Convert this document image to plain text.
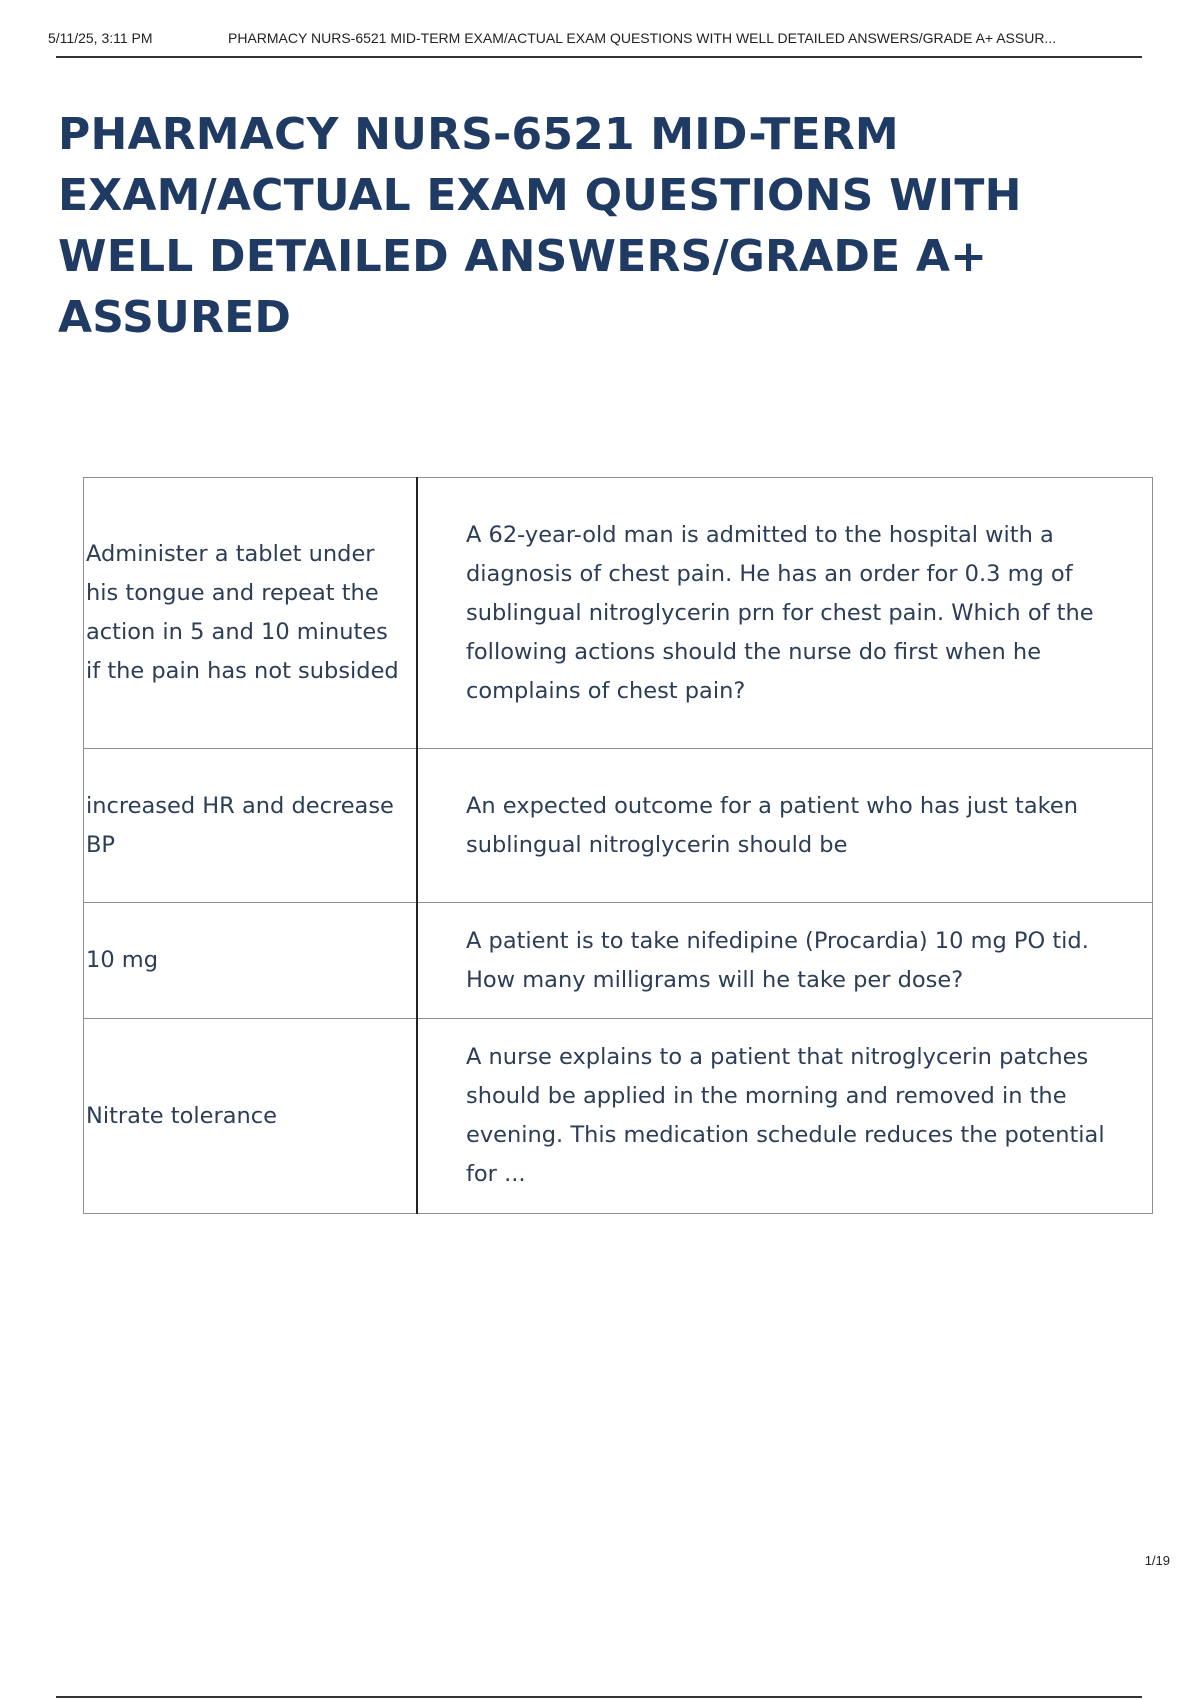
5/11/25, 3:11 PM	PHARMACY NURS-6521 MID-TERM EXAM/ACTUAL EXAM QUESTIONS WITH WELL DETAILED ANSWERS/GRADE A+ ASSUR...
PHARMACY NURS-6521 MID-TERM EXAM/ACTUAL EXAM QUESTIONS WITH WELL DETAILED ANSWERS/GRADE A+ ASSURED
Administer a tablet under his tongue and repeat the action in 5 and 10 minutes if the pain has not subsided	A 62-year-old man is admitted to the hospital with a diagnosis of chest pain. He has an order for 0.3 mg of sublingual nitroglycerin prn for chest pain. Which of the following actions should the nurse do first when he complains of chest pain?
increased HR and decrease BP	An expected outcome for a patient who has just taken sublingual nitroglycerin should be
10 mg	A patient is to take nifedipine (Procardia) 10 mg PO tid. How many milligrams will he take per dose?
Nitrate tolerance	A nurse explains to a patient that nitroglycerin patches should be applied in the morning and removed in the evening. This medication schedule reduces the potential for ...
1/19
